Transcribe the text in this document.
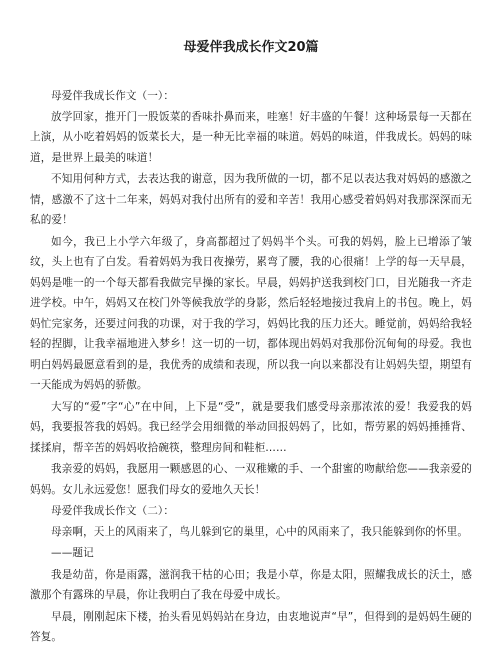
母爱伴我成长作文20篇
母爱伴我成长作文（一）：
放学回家，推开门一股饭菜的香味扑鼻而来，哇塞！好丰盛的午餐！这种场景每一天都在上演，从小吃着妈妈的饭菜长大，是一种无比幸福的味道。妈妈的味道，伴我成长。妈妈的味道，是世界上最美的味道！
不知用何种方式，去表达我的谢意，因为我所做的一切，都不足以表达我对妈妈的感激之情，感激不了这十二年来，妈妈对我付出所有的爱和辛苦！我用心感受着妈妈对我那深深而无私的爱！
如今，我已上小学六年级了，身高都超过了妈妈半个头。可我的妈妈，脸上已增添了皱纹，头上也有了白发。看着妈妈为我日夜操劳，累弯了腰，我的心很痛！上学的每一天早晨，妈妈是唯一的一个每天都看我做完早操的家长。早晨，妈妈护送我到校门口，目光随我一齐走进学校。中午，妈妈又在校门外等候我放学的身影，然后轻轻地接过我肩上的书包。晚上，妈妈忙完家务，还要过问我的功课，对于我的学习，妈妈比我的压力还大。睡觉前，妈妈给我轻轻的捏脚，让我幸福地进入梦乡！这一切的一切，都体现出妈妈对我那份沉甸甸的母爱。我也明白妈妈最愿意看到的是，我优秀的成绩和表现，所以我一向以来都没有让妈妈失望，期望有一天能成为妈妈的骄傲。
大写的“爱”字“心”在中间，上下是“受”，就是要我们感受母亲那浓浓的爱！我爱我的妈妈，我要报答我的妈妈。我已经学会用细微的举动回报妈妈了，比如，帮劳累的妈妈捶捶背、揉揉肩，帮辛苦的妈妈收拾碗筷，整理房间和鞋柜……
我亲爱的妈妈，我愿用一颗感恩的心、一双稚嫩的手、一个甜蜜的吻献给您——我亲爱的妈妈。女儿永远爱您！愿我们母女的爱地久天长！
母爱伴我成长作文（二）：
母亲啊，天上的风雨来了，鸟儿躲到它的巢里，心中的风雨来了，我只能躲到你的怀里。
——题记
我是幼苗，你是雨露，滋润我干枯的心田；我是小草，你是太阳，照耀我成长的沃土，感激那个有露珠的早晨，你让我明白了我在母爱中成长。
早晨，刚刚起床下楼，抬头看见妈妈站在身边，由衷地说声“早”，但得到的是妈妈生硬的答复。
